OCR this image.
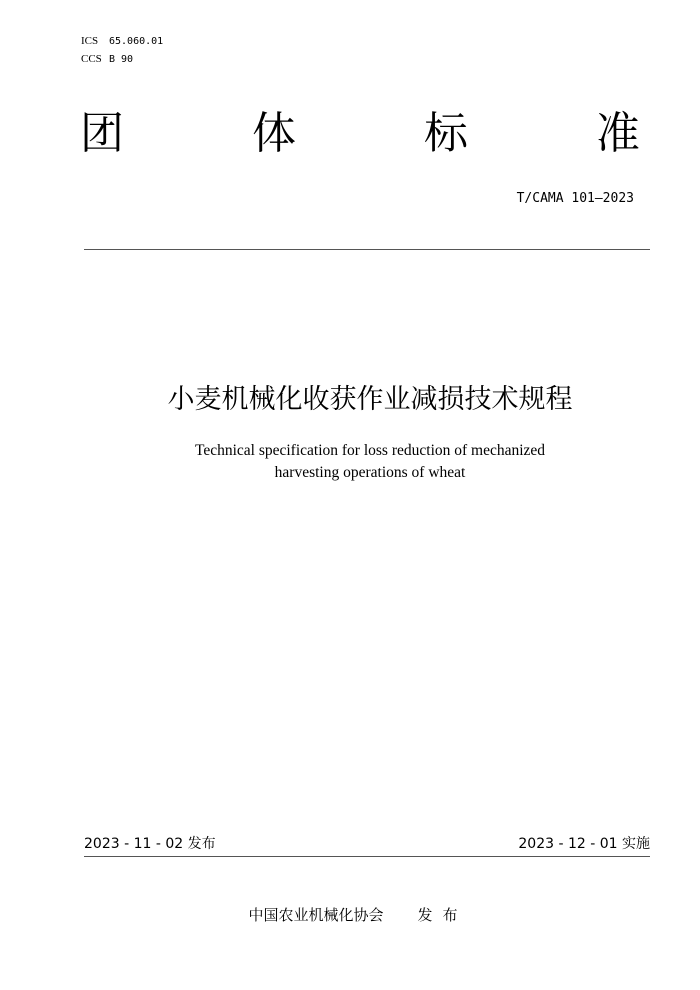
ICS 65.060.01
CCS B 90
团	体	标	准
T/CAMA 101—2023
小麦机械化收获作业减损技术规程
Technical specification for loss reduction of mechanized
harvesting operations of wheat
2023 - 11 - 02 发布	2023 - 12 - 01 实施
中国农业机械化协会 发布
